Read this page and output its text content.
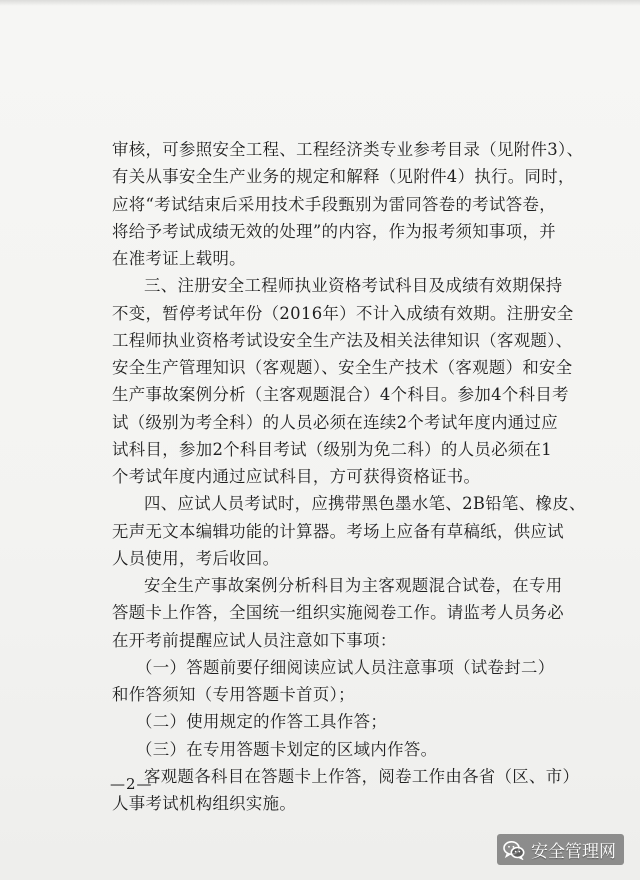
审核，可参照安全工程、工程经济类专业参考目录（见附件3）、
有关从事安全生产业务的规定和解释（见附件4）执行。同时，
应将“考试结束后采用技术手段甄别为雷同答卷的考试答卷，
将给予考试成绩无效的处理”的内容，作为报考须知事项，并
在准考证上载明。
三、注册安全工程师执业资格考试科目及成绩有效期保持
不变，暂停考试年份（2016年）不计入成绩有效期。注册安全
工程师执业资格考试设安全生产法及相关法律知识（客观题）、
安全生产管理知识（客观题）、安全生产技术（客观题）和安全
生产事故案例分析（主客观题混合）4个科目。参加4个科目考
试（级别为考全科）的人员必须在连续2个考试年度内通过应
试科目，参加2个科目考试（级别为免二科）的人员必须在1
个考试年度内通过应试科目，方可获得资格证书。
四、应试人员考试时，应携带黑色墨水笔、2B铅笔、橡皮、
无声无文本编辑功能的计算器。考场上应备有草稿纸，供应试
人员使用，考后收回。
安全生产事故案例分析科目为主客观题混合试卷，在专用
答题卡上作答，全国统一组织实施阅卷工作。请监考人员务必
在开考前提醒应试人员注意如下事项：
（一）答题前要仔细阅读应试人员注意事项（试卷封二）
和作答须知（专用答题卡首页）；
（二）使用规定的作答工具作答；
（三）在专用答题卡划定的区域内作答。
客观题各科目在答题卡上作答，阅卷工作由各省（区、市）
人事考试机构组织实施。
—2—
安全管理网
